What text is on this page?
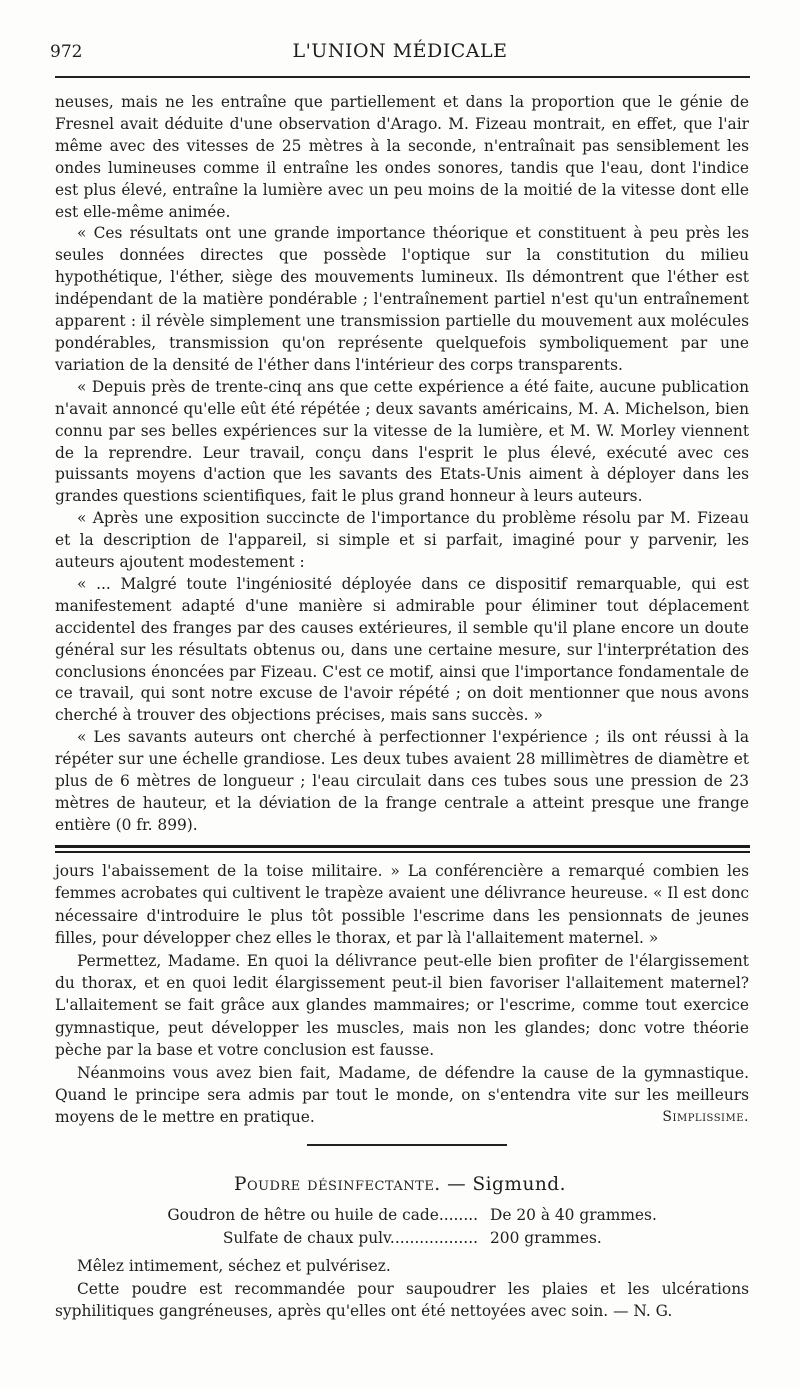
972	L'UNION MÉDICALE

neuses, mais ne les entraîne que partiellement et dans la proportion que le génie de Fresnel avait déduite d'une observation d'Arago. M. Fizeau montrait, en effet, que l'air même avec des vitesses de 25 mètres à la seconde, n'entraînait pas sensiblement les ondes lumineuses comme il entraîne les ondes sonores, tandis que l'eau, dont l'indice est plus élevé, entraîne la lumière avec un peu moins de la moitié de la vitesse dont elle est elle-même animée.

« Ces résultats ont une grande importance théorique et constituent à peu près les seules données directes que possède l'optique sur la constitution du milieu hypothétique, l'éther, siège des mouvements lumineux. Ils démontrent que l'éther est indépendant de la matière pondérable ; l'entraînement partiel n'est qu'un entraînement apparent : il révèle simplement une transmission partielle du mouvement aux molécules pondérables, transmission qu'on représente quelquefois symboliquement par une variation de la densité de l'éther dans l'intérieur des corps transparents.

« Depuis près de trente-cinq ans que cette expérience a été faite, aucune publication n'avait annoncé qu'elle eût été répétée ; deux savants américains, M. A. Michelson, bien connu par ses belles expériences sur la vitesse de la lumière, et M. W. Morley viennent de la reprendre. Leur travail, conçu dans l'esprit le plus élevé, exécuté avec ces puissants moyens d'action que les savants des Etats-Unis aiment à déployer dans les grandes questions scientifiques, fait le plus grand honneur à leurs auteurs.

« Après une exposition succincte de l'importance du problème résolu par M. Fizeau et la description de l'appareil, si simple et si parfait, imaginé pour y parvenir, les auteurs ajoutent modestement :

« ... Malgré toute l'ingéniosité déployée dans ce dispositif remarquable, qui est manifestement adapté d'une manière si admirable pour éliminer tout déplacement accidentel des franges par des causes extérieures, il semble qu'il plane encore un doute général sur les résultats obtenus ou, dans une certaine mesure, sur l'interprétation des conclusions énoncées par Fizeau. C'est ce motif, ainsi que l'importance fondamentale de ce travail, qui sont notre excuse de l'avoir répété ; on doit mentionner que nous avons cherché à trouver des objections précises, mais sans succès. »

« Les savants auteurs ont cherché à perfectionner l'expérience ; ils ont réussi à la répéter sur une échelle grandiose. Les deux tubes avaient 28 millimètres de diamètre et plus de 6 mètres de longueur ; l'eau circulait dans ces tubes sous une pression de 23 mètres de hauteur, et la déviation de la frange centrale a atteint presque une frange entière (0 fr. 899).

jours l'abaissement de la toise militaire. » La conférencière a remarqué combien les femmes acrobates qui cultivent le trapèze avaient une délivrance heureuse. « Il est donc nécessaire d'introduire le plus tôt possible l'escrime dans les pensionnats de jeunes filles, pour développer chez elles le thorax, et par là l'allaitement maternel. »

Permettez, Madame. En quoi la délivrance peut-elle bien profiter de l'élargissement du thorax, et en quoi ledit élargissement peut-il bien favoriser l'allaitement maternel? L'allaitement se fait grâce aux glandes mammaires; or l'escrime, comme tout exercice gymnastique, peut développer les muscles, mais non les glandes; donc votre théorie pèche par la base et votre conclusion est fausse.

Néanmoins vous avez bien fait, Madame, de défendre la cause de la gymnastique. Quand le principe sera admis par tout le monde, on s'entendra vite sur les meilleurs moyens de le mettre en pratique.	Simplissime.

Poudre désinfectante. — Sigmund.
Goudron de hêtre ou huile de cade........ De 20 à 40 grammes.
Sulfate de chaux pulv.................. 200 grammes.

Mêlez intimement, séchez et pulvérisez.

Cette poudre est recommandée pour saupoudrer les plaies et les ulcérations syphilitiques gangréneuses, après qu'elles ont été nettoyées avec soin. — N. G.
